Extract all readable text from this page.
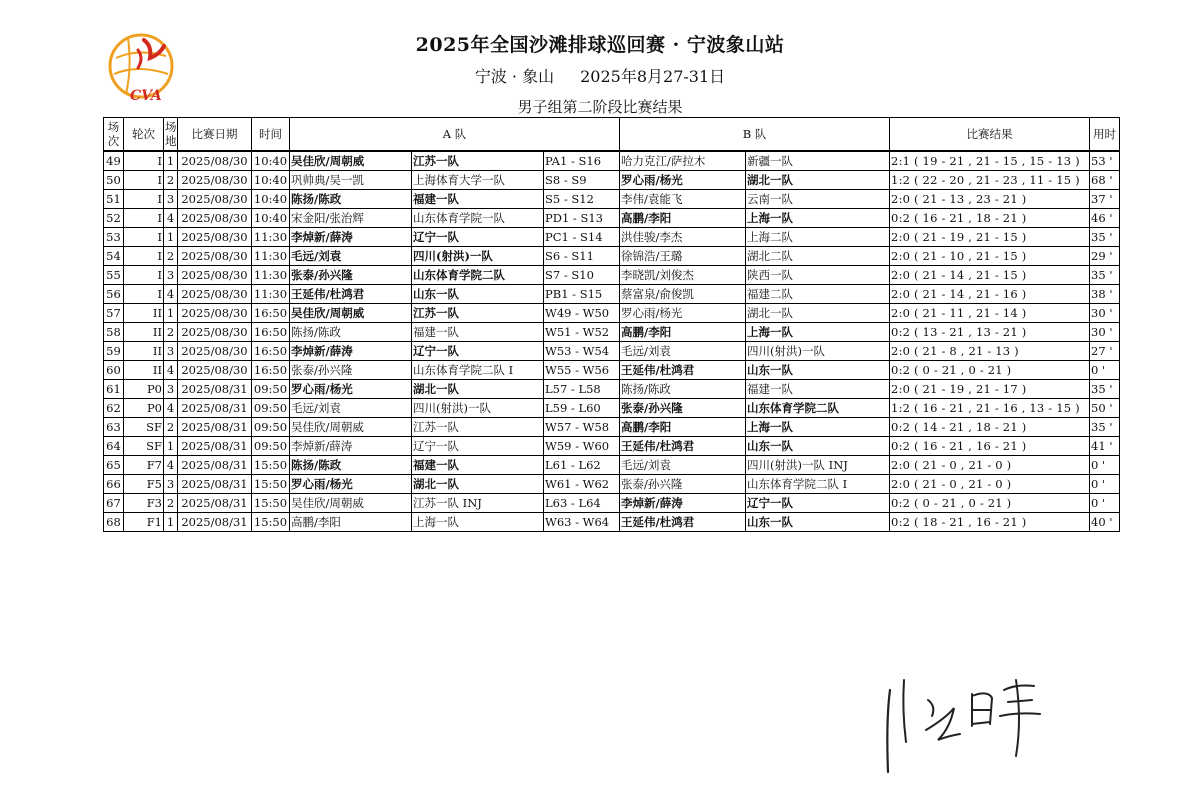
CVA
2025年全国沙滩排球巡回赛 · 宁波象山站
宁波 · 象山 2025年8月27-31日
男子组第二阶段比赛结果
场
次	轮次	场
地	比赛日期	时间	A 队			B 队		比赛结果	用时
49	I	1	2025/08/30	10:40	吴佳欣/周朝威	江苏一队	PA1 - S16	哈力克江/萨拉木	新疆一队	2:1 ( 19 - 21 , 21 - 15 , 15 - 13 )	53 '
50	I	2	2025/08/30	10:40	巩帅典/吴一凯	上海体育大学一队	S8 - S9	罗心雨/杨光	湖北一队	1:2 ( 22 - 20 , 21 - 23 , 11 - 15 )	68 '
51	I	3	2025/08/30	10:40	陈扬/陈政	福建一队	S5 - S12	李伟/袁能飞	云南一队	2:0 ( 21 - 13 , 23 - 21 )	37 '
52	I	4	2025/08/30	10:40	宋金阳/张治辉	山东体育学院一队	PD1 - S13	高鹏/李阳	上海一队	0:2 ( 16 - 21 , 18 - 21 )	46 '
53	I	1	2025/08/30	11:30	李焯新/薛涛	辽宁一队	PC1 - S14	洪佳骏/李杰	上海二队	2:0 ( 21 - 19 , 21 - 15 )	35 '
54	I	2	2025/08/30	11:30	毛远/刘袁	四川(射洪)一队	S6 - S11	徐锦浩/王璐	湖北二队	2:0 ( 21 - 10 , 21 - 15 )	29 '
55	I	3	2025/08/30	11:30	张泰/孙兴隆	山东体育学院二队	S7 - S10	李晓凯/刘俊杰	陕西一队	2:0 ( 21 - 14 , 21 - 15 )	35 '
56	I	4	2025/08/30	11:30	王延伟/杜鸿君	山东一队	PB1 - S15	蔡富泉/俞俊凯	福建二队	2:0 ( 21 - 14 , 21 - 16 )	38 '
57	II	1	2025/08/30	16:50	吴佳欣/周朝威	江苏一队	W49 - W50	罗心雨/杨光	湖北一队	2:0 ( 21 - 11 , 21 - 14 )	30 '
58	II	2	2025/08/30	16:50	陈扬/陈政	福建一队	W51 - W52	高鹏/李阳	上海一队	0:2 ( 13 - 21 , 13 - 21 )	30 '
59	II	3	2025/08/30	16:50	李焯新/薛涛	辽宁一队	W53 - W54	毛远/刘袁	四川(射洪)一队	2:0 ( 21 - 8 , 21 - 13 )	27 '
60	II	4	2025/08/30	16:50	张泰/孙兴隆	山东体育学院二队 I	W55 - W56	王延伟/杜鸿君	山东一队	0:2 ( 0 - 21 , 0 - 21 )	0 '
61	P0	3	2025/08/31	09:50	罗心雨/杨光	湖北一队	L57 - L58	陈扬/陈政	福建一队	2:0 ( 21 - 19 , 21 - 17 )	35 '
62	P0	4	2025/08/31	09:50	毛远/刘袁	四川(射洪)一队	L59 - L60	张泰/孙兴隆	山东体育学院二队	1:2 ( 16 - 21 , 21 - 16 , 13 - 15 )	50 '
63	SF	2	2025/08/31	09:50	吴佳欣/周朝威	江苏一队	W57 - W58	高鹏/李阳	上海一队	0:2 ( 14 - 21 , 18 - 21 )	35 '
64	SF	1	2025/08/31	09:50	李焯新/薛涛	辽宁一队	W59 - W60	王延伟/杜鸿君	山东一队	0:2 ( 16 - 21 , 16 - 21 )	41 '
65	F7	4	2025/08/31	15:50	陈扬/陈政	福建一队	L61 - L62	毛远/刘袁	四川(射洪)一队 INJ	2:0 ( 21 - 0 , 21 - 0 )	0 '
66	F5	3	2025/08/31	15:50	罗心雨/杨光	湖北一队	W61 - W62	张泰/孙兴隆	山东体育学院二队 I	2:0 ( 21 - 0 , 21 - 0 )	0 '
67	F3	2	2025/08/31	15:50	吴佳欣/周朝威	江苏一队 INJ	L63 - L64	李焯新/薛涛	辽宁一队	0:2 ( 0 - 21 , 0 - 21 )	0 '
68	F1	1	2025/08/31	15:50	高鹏/李阳	上海一队	W63 - W64	王延伟/杜鸿君	山东一队	0:2 ( 18 - 21 , 16 - 21 )	40 '
